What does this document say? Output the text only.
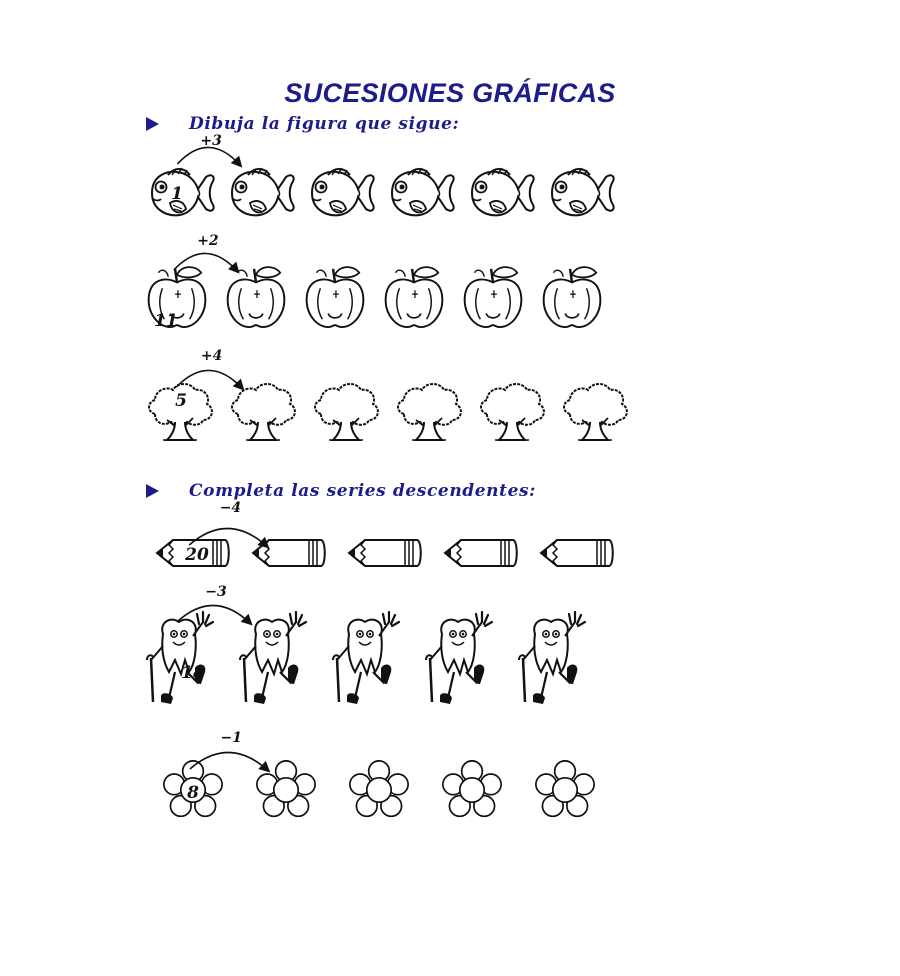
SUCESIONES GRÁFICAS
Dibuja la figura que sigue:
Completa las series descendentes:
+3
1
+2
11
+4
5
−4
20
−3
18
−1
8
